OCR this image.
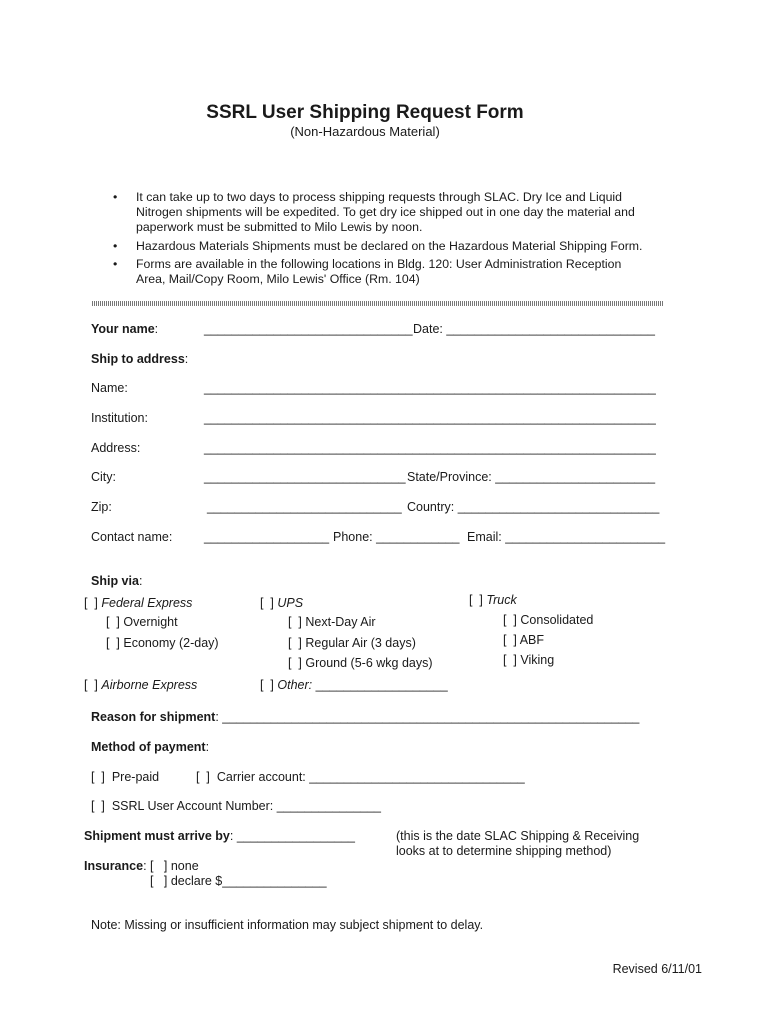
SSRL User Shipping Request Form
(Non-Hazardous Material)
• It can take up to two days to process shipping requests through SLAC. Dry Ice and Liquid Nitrogen shipments will be expedited. To get dry ice shipped out in one day the material and paperwork must be submitted to Milo Lewis by noon.
• Hazardous Materials Shipments must be declared on the Hazardous Material Shipping Form.
• Forms are available in the following locations in Bldg. 120: User Administration Reception Area, Mail/Copy Room, Milo Lewis' Office (Rm. 104)
Your name:	______________________________ Date: ______________________________
Ship to address:
Name:	_________________________________________________________________
Institution:	_________________________________________________________________
Address:	_________________________________________________________________
City:	_____________________________ State/Province: _______________________
Zip:	____________________________ Country: _____________________________
Contact name:	__________________ Phone: ____________ Email: _______________________
Ship via:
[  ] Federal Express
[  ] Overnight
[  ] Economy (2-day)
[  ] UPS
[  ] Next-Day Air
[  ] Regular Air (3 days)
[  ] Ground (5-6 wkg days)
[  ] Truck
[  ] Consolidated
[  ] ABF
[  ] Viking
[  ] Airborne Express	[  ] Other: ___________________
Reason for shipment: ____________________________________________________________
Method of payment:
[  ]  Pre-paid	[  ]  Carrier account: _______________________________
[  ]  SSRL User Account Number: _______________
Shipment must arrive by: _________________	(this is the date SLAC Shipping & Receiving
looks at to determine shipping method)
Insurance: [   ] none
[   ] declare $_______________
Note: Missing or insufficient information may subject shipment to delay.
Revised 6/11/01
